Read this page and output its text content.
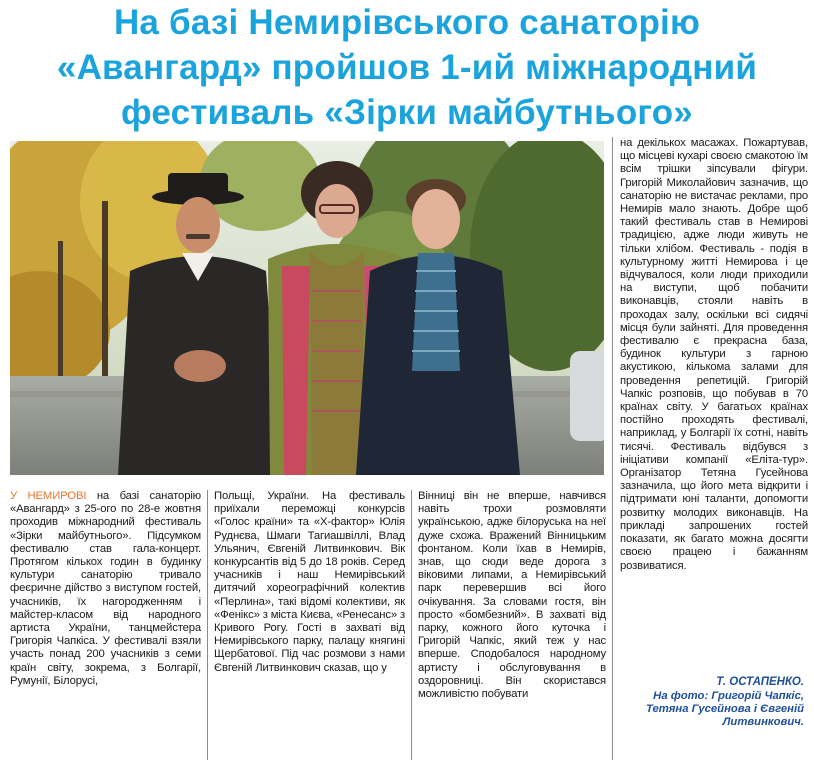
На базі Немирівського санаторію
«Авангард» пройшов 1-ий міжнародний
фестиваль «Зірки майбутнього»

У НЕМИРОВІ на базі санаторію «Авангард» з 25-ого по 28-е жовтня проходив міжнародний фестиваль «Зірки майбутнього». Підсумком фестивалю став гала-концерт. Протягом кількох годин в будинку культури санаторію тривало феєричне дійство з виступом гостей, учасників, їх нагородженням і майстер-класом від народного артиста України, танцмейстера Григорія Чапкіса. У фестивалі взяли участь понад 200 учасників з семи країн світу, зокрема, з Болгарії, Румунії, Білорусі,

Польщі, України. На фестиваль приїхали переможці конкурсів «Голос країни» та «Х-фактор» Юлія Руднєва, Шмаги Тагиашвіллі, Влад Ульянич, Євгеній Литвинкович. Вік конкурсантів від 5 до 18 років. Серед учасників і наш Немирівський дитячий хореографічний колектив «Перлина», такі відомі колективи, як «Фенікс» з міста Києва, «Ренесанс» з Кривого Рогу. Гості в захваті від Немирівського парку, палацу княгині Щербатової. Під час розмови з нами Євгеній Литвинкович сказав, що у

Вінниці він не вперше, навчився навіть трохи розмовляти українською, адже білоруська на неї дуже схожа. Вражений Вінницьким фонтаном. Коли їхав в Немирів, знав, що сюди веде дорога з віковими липами, а Немирівський парк перевершив всі його очікування. За словами гостя, він просто «бомбезний». В захваті від парку, кожного його куточка і Григорій Чапкіс, який теж у нас вперше. Сподобалося народному артисту і обслуговування в оздоровниці. Він скористався можливістю побувати

на декількох масажах. Пожартував, що місцеві кухарі своєю смакотою їм всім трішки зіпсували фігури. Григорій Миколайович зазначив, що санаторію не вистачає реклами, про Немирів мало знають. Добре щоб такий фестиваль став в Немирові традицією, адже люди живуть не тільки хлібом. Фестиваль - подія в культурному житті Немирова і це відчувалося, коли люди приходили на виступи, щоб побачити виконавців, стояли навіть в проходах залу, оскільки всі сидячі місця були зайняті. Для проведення фестивалю є прекрасна база, будинок культури з гарною акустикою, кількома залами для проведення репетицій. Григорій Чапкіс розповів, що побував в 70 країнах світу. У багатьох країнах постійно проходять фестивалі, наприклад, у Болгарії їх сотні, навіть тисячі. Фестиваль відбувся з ініціативи компанії «Еліта-тур». Організатор Тетяна Гусейнова зазначила, що його мета відкрити і підтримати юні таланти, допомогти розвитку молодих виконавців. На прикладі запрошених гостей показати, як багато можна досягти своєю працею і бажанням розвиватися.

Т. ОСТАПЕНКО.

На фото: Григорій Чапкіс, Тетяна Гусейнова і Євгеній Литвинкович.
